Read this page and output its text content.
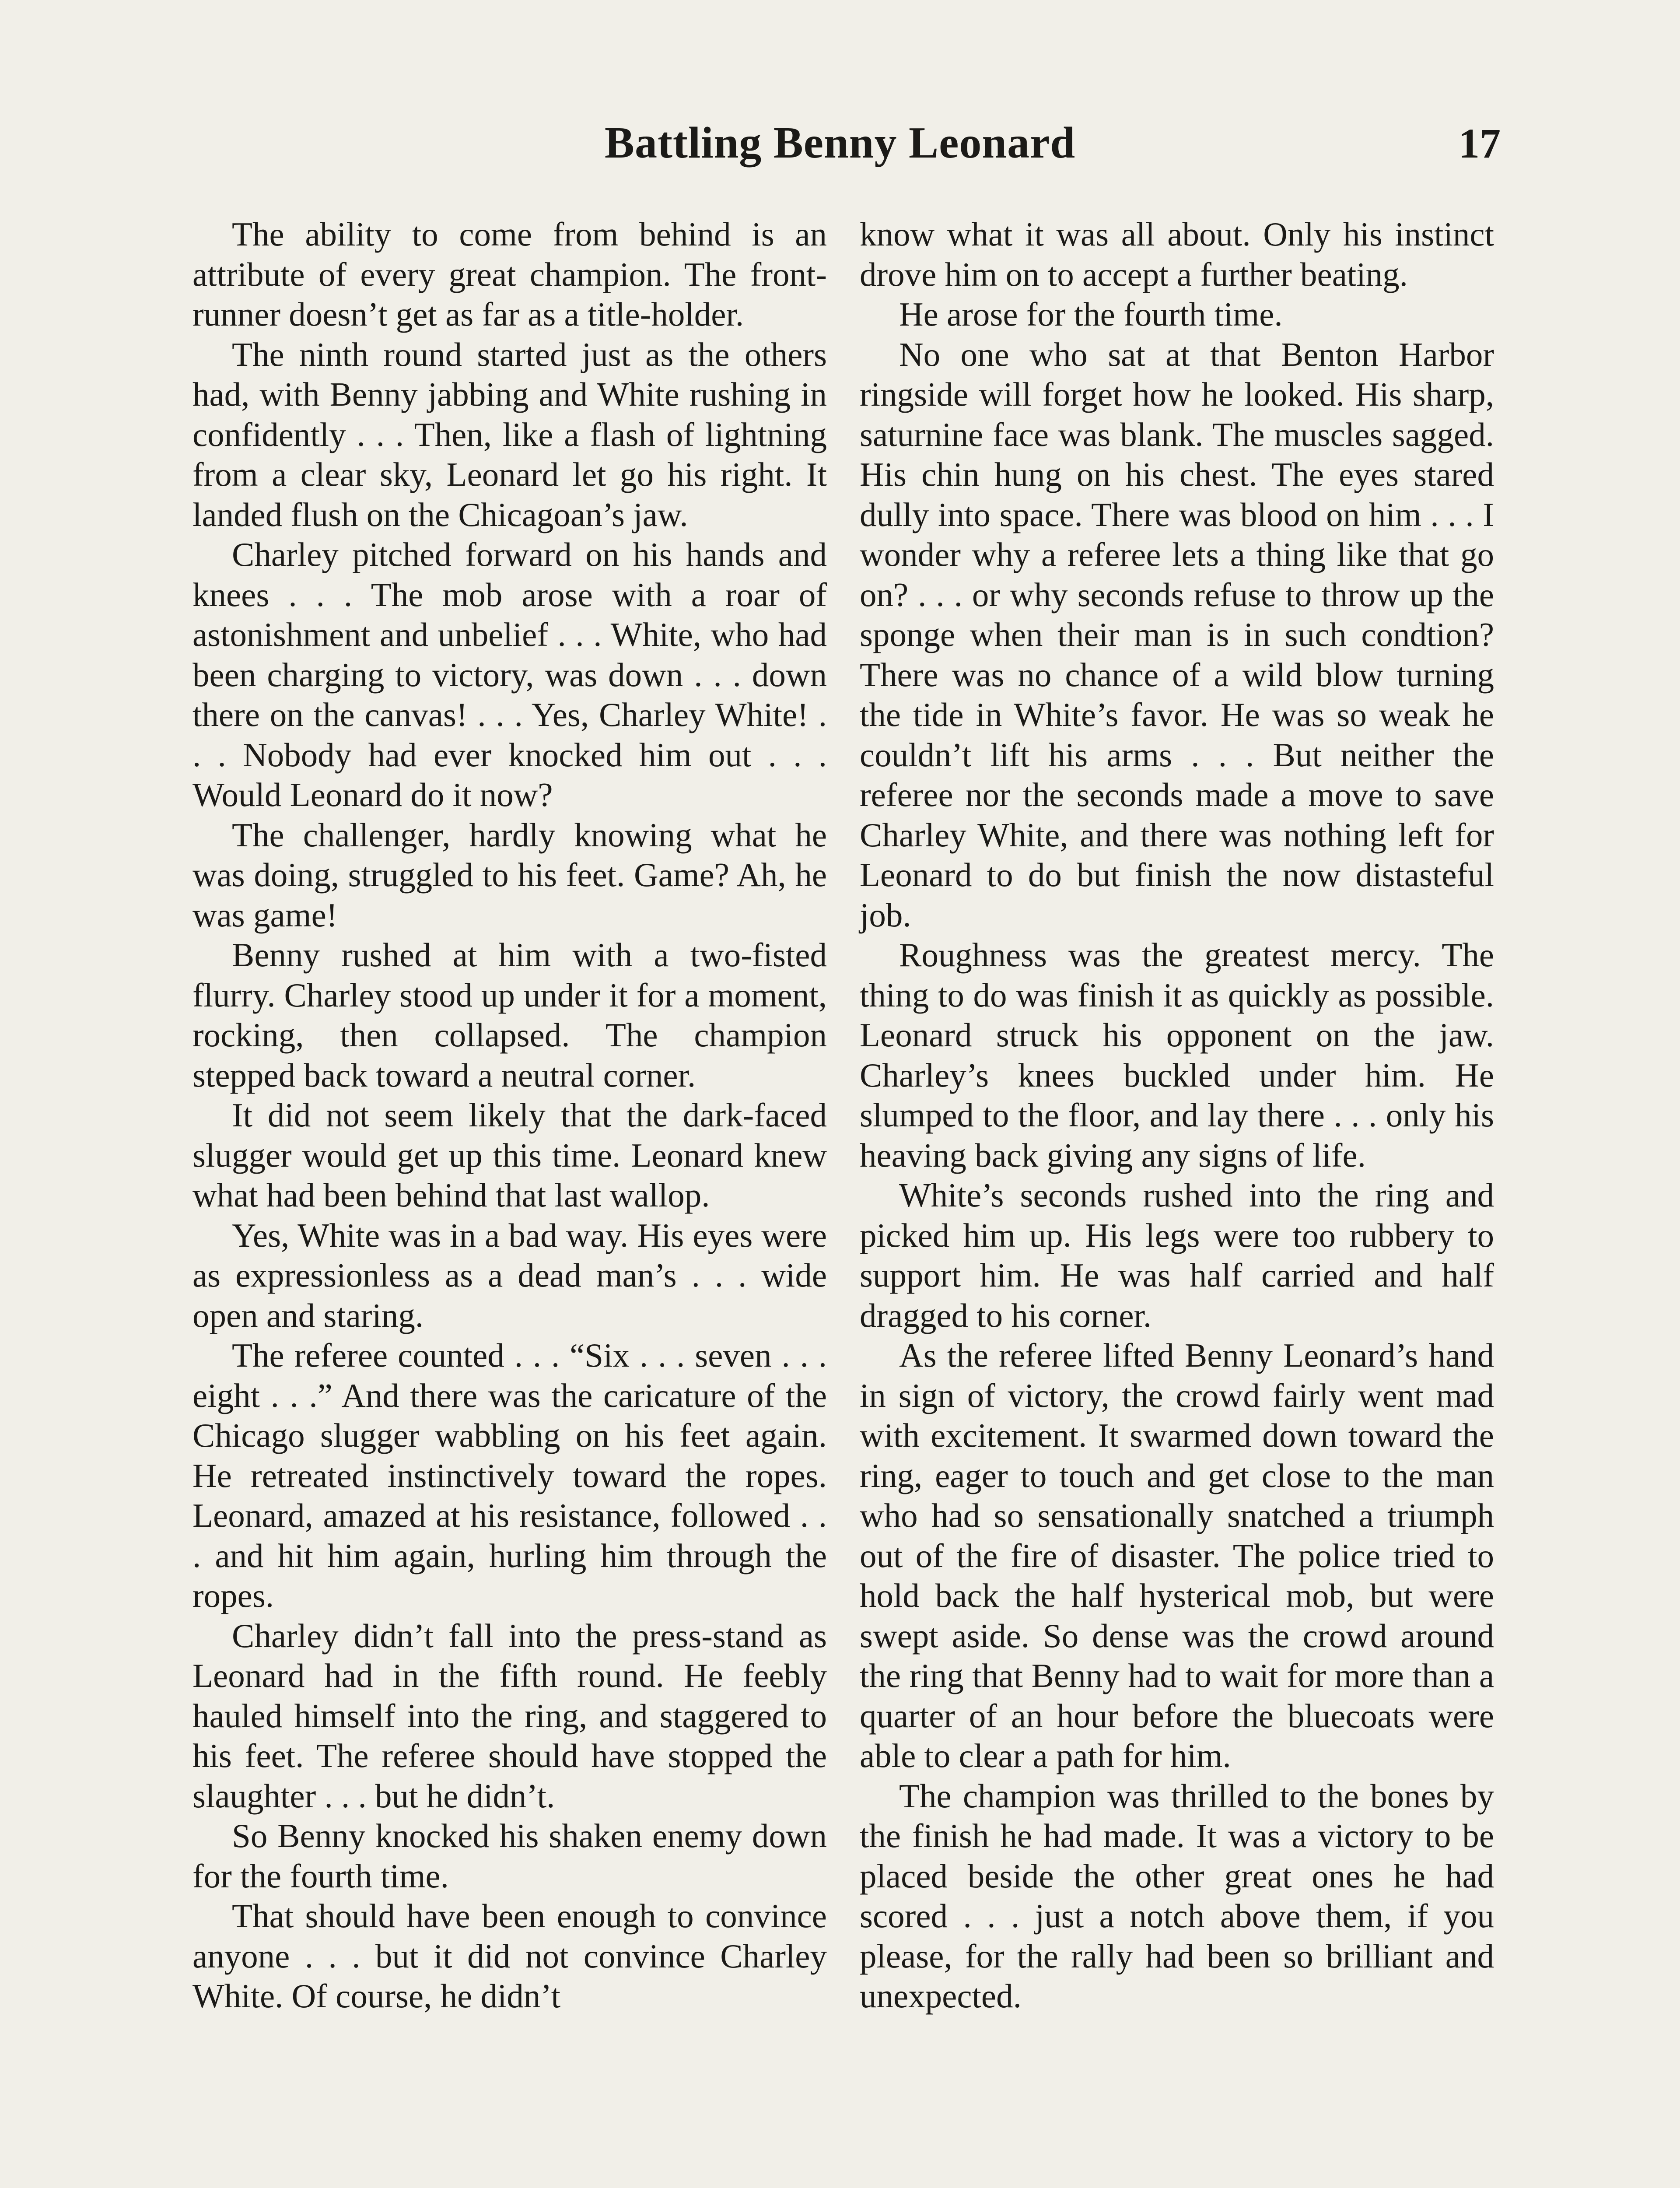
Battling Benny Leonard	17

The ability to come from behind is an attribute of every great champion. The front-runner doesn’t get as far as a title-holder.

The ninth round started just as the others had, with Benny jabbing and White rushing in confidently . . . Then, like a flash of lightning from a clear sky, Leonard let go his right. It landed flush on the Chicagoan’s jaw.

Charley pitched forward on his hands and knees . . . The mob arose with a roar of astonishment and unbelief . . . White, who had been charging to victory, was down . . . down there on the canvas! . . . Yes, Charley White! . . . Nobody had ever knocked him out . . . Would Leonard do it now?

The challenger, hardly knowing what he was doing, struggled to his feet. Game? Ah, he was game!

Benny rushed at him with a two-fisted flurry. Charley stood up under it for a moment, rocking, then collapsed. The champion stepped back toward a neutral corner.

It did not seem likely that the dark-faced slugger would get up this time. Leonard knew what had been behind that last wallop.

Yes, White was in a bad way. His eyes were as expressionless as a dead man’s . . . wide open and staring.

The referee counted . . . “Six . . . seven . . . eight . . .” And there was the caricature of the Chicago slugger wabbling on his feet again. He retreated instinctively toward the ropes. Leonard, amazed at his resistance, followed . . . and hit him again, hurling him through the ropes.

Charley didn’t fall into the press-stand as Leonard had in the fifth round. He feebly hauled himself into the ring, and staggered to his feet. The referee should have stopped the slaughter . . . but he didn’t.

So Benny knocked his shaken enemy down for the fourth time.

That should have been enough to convince anyone . . . but it did not convince Charley White. Of course, he didn’t

know what it was all about. Only his instinct drove him on to accept a further beating.

He arose for the fourth time.

No one who sat at that Benton Harbor ringside will forget how he looked. His sharp, saturnine face was blank. The muscles sagged. His chin hung on his chest. The eyes stared dully into space. There was blood on him . . . I wonder why a referee lets a thing like that go on? . . . or why seconds refuse to throw up the sponge when their man is in such condtion? There was no chance of a wild blow turning the tide in White’s favor. He was so weak he couldn’t lift his arms . . . But neither the referee nor the seconds made a move to save Charley White, and there was nothing left for Leonard to do but finish the now distasteful job.

Roughness was the greatest mercy. The thing to do was finish it as quickly as possible. Leonard struck his opponent on the jaw. Charley’s knees buckled under him. He slumped to the floor, and lay there . . . only his heaving back giving any signs of life.

White’s seconds rushed into the ring and picked him up. His legs were too rubbery to support him. He was half carried and half dragged to his corner.

As the referee lifted Benny Leonard’s hand in sign of victory, the crowd fairly went mad with excitement. It swarmed down toward the ring, eager to touch and get close to the man who had so sensationally snatched a triumph out of the fire of disaster. The police tried to hold back the half hysterical mob, but were swept aside. So dense was the crowd around the ring that Benny had to wait for more than a quarter of an hour before the bluecoats were able to clear a path for him.

The champion was thrilled to the bones by the finish he had made. It was a victory to be placed beside the other great ones he had scored . . . just a notch above them, if you please, for the rally had been so brilliant and unexpected.
